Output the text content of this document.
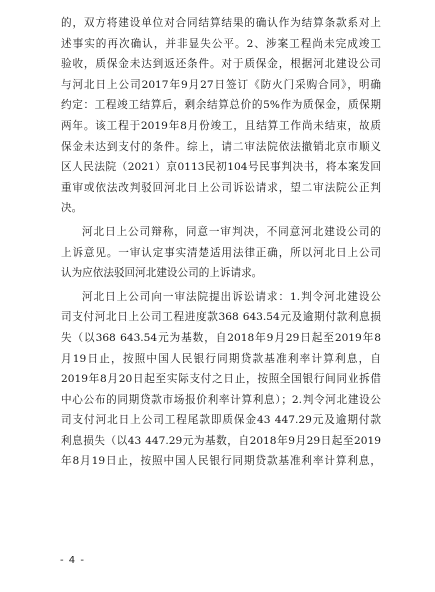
的，双方将建设单位对合同结算结果的确认作为结算条款系对上
述事实的再次确认，并非显失公平。2、涉案工程尚未完成竣工
验收，质保金未达到返还条件。对于质保金，根据河北建设公司
与河北日上公司2017年9月27日签订《防火门采购合同》，明确
约定：工程竣工结算后，剩余结算总价的5%作为质保金，质保期
两年。该工程于2019年8月份竣工，且结算工作尚未结束，故质
保金未达到支付的条件。综上，请二审法院依法撤销北京市顺义
区人民法院（2021）京0113民初104号民事判决书，将本案发回
重审或依法改判驳回河北日上公司诉讼请求，望二审法院公正判
决。
河北日上公司辩称，同意一审判决，不同意河北建设公司的
上诉意见。一审认定事实清楚适用法律正确，所以河北日上公司
认为应依法驳回河北建设公司的上诉请求。
河北日上公司向一审法院提出诉讼请求：1.判令河北建设公
司支付河北日上公司工程进度款368 643.54元及逾期付款利息损
失（以368 643.54元为基数，自2018年9月29日起至2019年8
月19日止，按照中国人民银行同期贷款基准利率计算利息，自
2019年8月20日起至实际支付之日止，按照全国银行间同业拆借
中心公布的同期贷款市场报价利率计算利息）；2.判令河北建设公
司支付河北日上公司工程尾款即质保金43 447.29元及逾期付款
利息损失（以43 447.29元为基数，自2018年9月29日起至2019
年8月19日止，按照中国人民银行同期贷款基准利率计算利息，
- 4 -
